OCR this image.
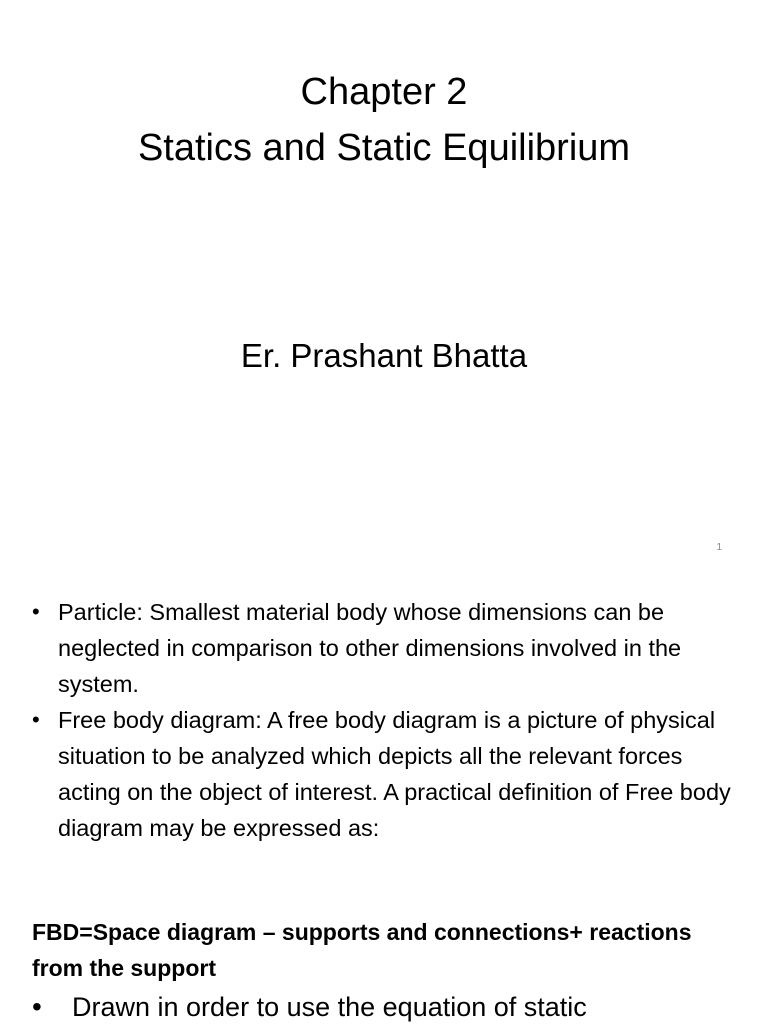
Chapter 2
Statics and Static Equilibrium
Er. Prashant Bhatta
1
• Particle: Smallest material body whose dimensions can be neglected in comparison to other dimensions involved in the system.
• Free body diagram: A free body diagram is a picture of physical situation to be analyzed which depicts all the relevant forces acting on the object of interest. A practical definition of Free body diagram may be expressed as:
FBD=Space diagram – supports and connections+ reactions from the support
• Drawn in order to use the equation of static
